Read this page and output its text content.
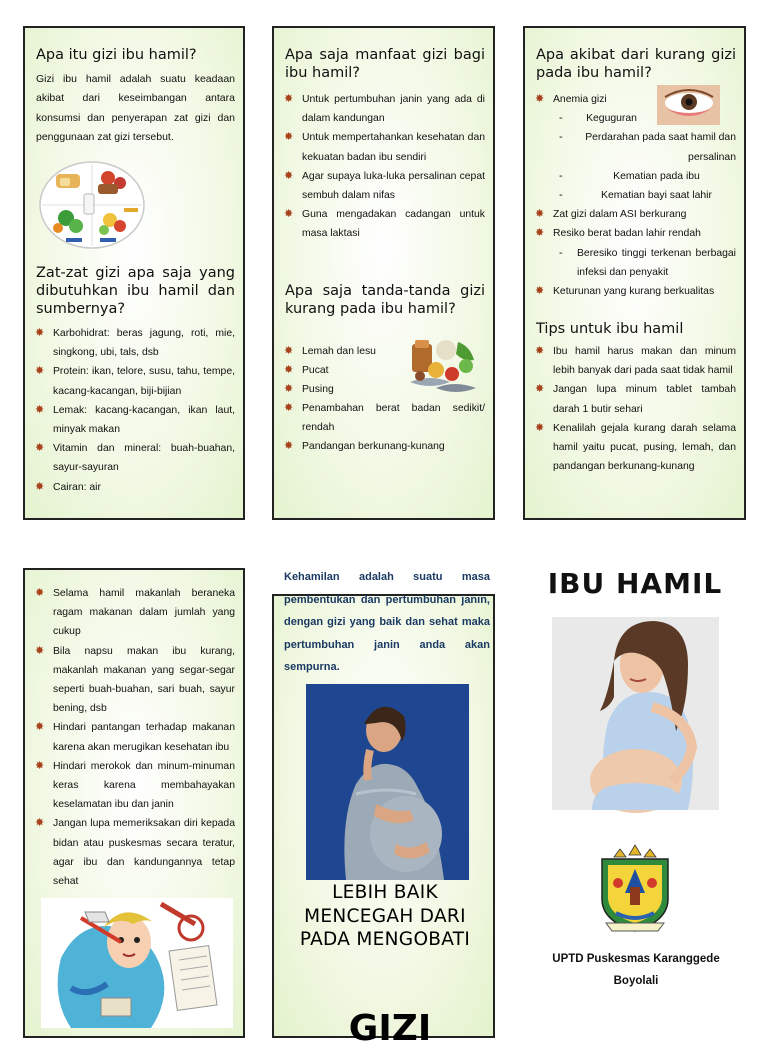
Apa itu gizi ibu hamil?
Gizi ibu hamil adalah suatu keadaan akibat dari keseimbangan antara konsumsi dan penyerapan zat gizi dan penggunaan zat gizi tersebut.
Zat-zat gizi apa saja yang dibutuhkan ibu hamil dan sumbernya?
✸ Karbohidrat: beras jagung, roti, mie, singkong, ubi, tals, dsb
✸ Protein: ikan, telore, susu, tahu, tempe, kacang-kacangan, biji-bijian
✸ Lemak: kacang-kacangan, ikan laut, minyak makan
✸ Vitamin dan mineral: buah-buahan, sayur-sayuran
✸ Cairan: air
Apa saja manfaat gizi bagi ibu hamil?
✸ Untuk pertumbuhan janin yang ada di dalam kandungan
✸ Untuk mempertahankan kesehatan dan kekuatan badan ibu sendiri
✸ Agar supaya luka-luka persalinan cepat sembuh dalam nifas
✸ Guna mengadakan cadangan untuk masa laktasi
Apa saja tanda-tanda gizi kurang pada ibu hamil?
✸ Lemah dan lesu
✸ Pucat
✸ Pusing
✸ Penambahan berat badan sedikit/ rendah
✸ Pandangan berkunang-kunang
Apa akibat dari kurang gizi pada ibu hamil?
✸ Anemia gizi
- Keguguran
-	Perdarahan pada saat hamil dan persalinan
-	Kematian pada ibu
-	Kematian bayi saat lahir
✸ Zat gizi dalam ASI berkurang
✸ Resiko berat badan lahir rendah
- Beresiko tinggi terkenan berbagai infeksi dan penyakit
✸ Keturunan yang kurang berkualitas
Tips untuk ibu hamil
✸ Ibu hamil harus makan dan minum lebih banyak dari pada saat tidak hamil
✸ Jangan lupa minum tablet tambah darah 1 butir sehari
✸ Kenalilah gejala kurang darah selama hamil yaitu pucat, pusing, lemah, dan pandangan berkunang-kunang
✸ Selama hamil makanlah beraneka ragam makanan dalam jumlah yang cukup
✸ Bila napsu makan ibu kurang, makanlah makanan yang segar-segar seperti buah-buahan, sari buah, sayur bening, dsb
✸ Hindari pantangan terhadap makanan karena akan merugikan kesehatan ibu
✸ Hindari merokok dan minum-minuman keras karena membahayakan keselamatan ibu dan janin
✸ Jangan lupa memeriksakan diri kepada bidan atau puskesmas secara teratur, agar ibu dan kandungannya tetap sehat
Kehamilan adalah suatu masa pembentukan dan pertumbuhan janin, dengan gizi yang baik dan sehat maka pertumbuhan janin anda akan sempurna.
LEBIH BAIK
MENCEGAH DARI
PADA MENGOBATI
GIZI
IBU HAMIL
UPTD Puskesmas Karanggede
Boyolali
